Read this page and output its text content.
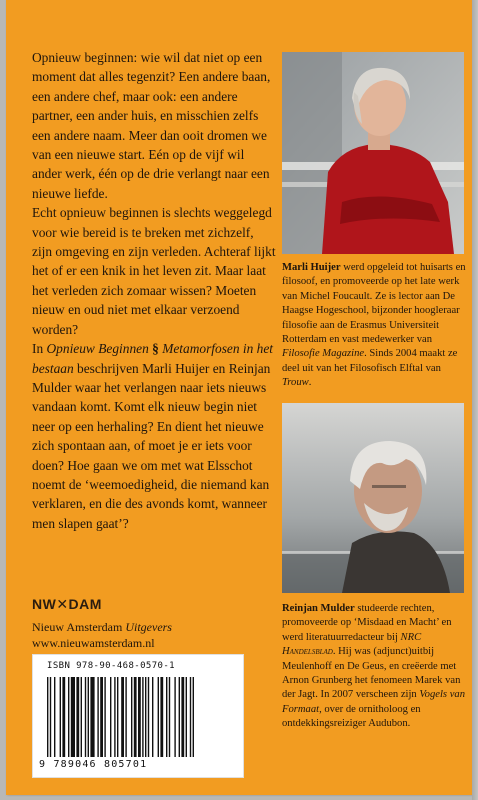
Opnieuw beginnen: wie wil dat niet op een moment dat alles tegenzit? Een andere baan, een andere chef, maar ook: een andere partner, een ander huis, en misschien zelfs een andere naam. Meer dan ooit dromen we van een nieuwe start. Eén op de vijf wil ander werk, één op de drie verlangt naar een nieuwe liefde.

Echt opnieuw beginnen is slechts weggelegd voor wie bereid is te breken met zichzelf, zijn omgeving en zijn verleden. Achteraf lijkt het of er een knik in het leven zit. Maar laat het verleden zich zomaar wissen? Moeten nieuw en oud niet met elkaar verzoend worden?

In Opnieuw Beginnen § Metamorfosen in het bestaan beschrijven Marli Huijer en Reinjan Mulder waar het verlangen naar iets nieuws vandaan komt. Komt elk nieuw begin niet neer op een herhaling? En dient het nieuwe zich spontaan aan, of moet je er iets voor doen? Hoe gaan we om met wat Elsschot noemt de ‘weemoedigheid, die niemand kan verklaren, en die des avonds komt, wanneer men slapen gaat’?

Marli Huijer werd opgeleid tot huisarts en filosoof, en promoveerde op het late werk van Michel Foucault. Ze is lector aan De Haagse Hogeschool, bijzonder hoogleraar filosofie aan de Erasmus Universiteit Rotterdam en vast medewerker van Filosofie Magazine. Sinds 2004 maakt ze deel uit van het Filosofisch Elftal van Trouw.
Reinjan Mulder studeerde rechten, promoveerde op ‘Misdaad en Macht’ en werd literatuurredacteur bij NRC Handelsblad. Hij was (adjunct)uitbij Meulenhoff en De Geus, en creëerde met Arnon Grunberg het fenomeen Marek van der Jagt. In 2007 verscheen zijn Vogels van Formaat, over de ornitholoog en ontdekkingsreiziger Audubon.
NW✕DAM
Nieuw Amsterdam Uitgevers
www.nieuwamsterdam.nl
ISBN 978-90-468-0570-1
9 789046 805701
